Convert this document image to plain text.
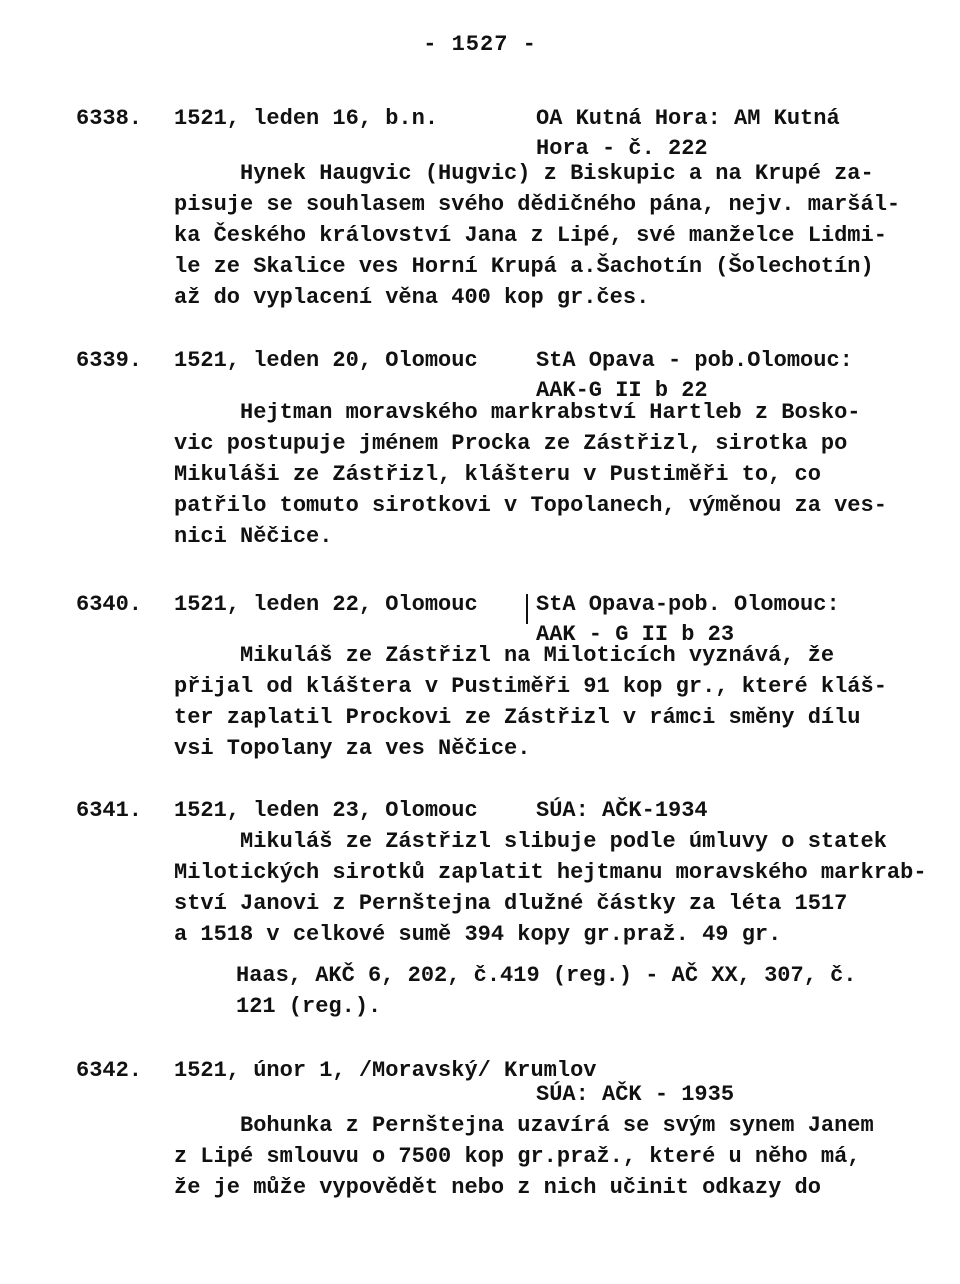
- 1527 -
6338. 1521, leden 16, b.n.	OA Kutná Hora: AM Kutná
Hora - č. 222
Hynek Haugvic (Hugvic) z Biskupic a na Krupé za-
pisuje se souhlasem svého dědičného pána, nejv. maršál-
ka Českého království Jana z Lipé, své manželce Lidmi-
le ze Skalice ves Horní Krupá a.Šachotín (Šolechotín)
až do vyplacení věna 400 kop gr.čes.
6339. 1521, leden 20, Olomouc	StA Opava - pob.Olomouc:
AAK-G II b 22
Hejtman moravského markrabství Hartleb z Bosko-
vic postupuje jménem Procka ze Zástřizl, sirotka po
Mikuláši ze Zástřizl, klášteru v Pustiměři to, co
patřilo tomuto sirotkovi v Topolanech, výměnou za ves-
nici Něčice.
6340. 1521, leden 22, Olomouc	StA Opava-pob. Olomouc:
AAK - G II b 23
Mikuláš ze Zástřizl na Miloticích vyznává, že
přijal od kláštera v Pustiměři 91 kop gr., které kláš-
ter zaplatil Prockovi ze Zástřizl v rámci směny dílu
vsi Topolany za ves Něčice.
6341. 1521, leden 23, Olomouc	SÚA: AČK-1934
Mikuláš ze Zástřizl slibuje podle úmluvy o statek
Milotických sirotků zaplatit hejtmanu moravského markrab-
ství Janovi z Pernštejna dlužné částky za léta 1517
a 1518 v celkové sumě 394 kopy gr.praž. 49 gr.
Haas, AKČ 6, 202, č.419 (reg.) - AČ XX, 307, č.
121 (reg.).
6342. 1521, únor 1, /Moravský/ Krumlov
SÚA: AČK - 1935
Bohunka z Pernštejna uzavírá se svým synem Janem
z Lipé smlouvu o 7500 kop gr.praž., které u něho má,
že je může vypovědět nebo z nich učinit odkazy do
